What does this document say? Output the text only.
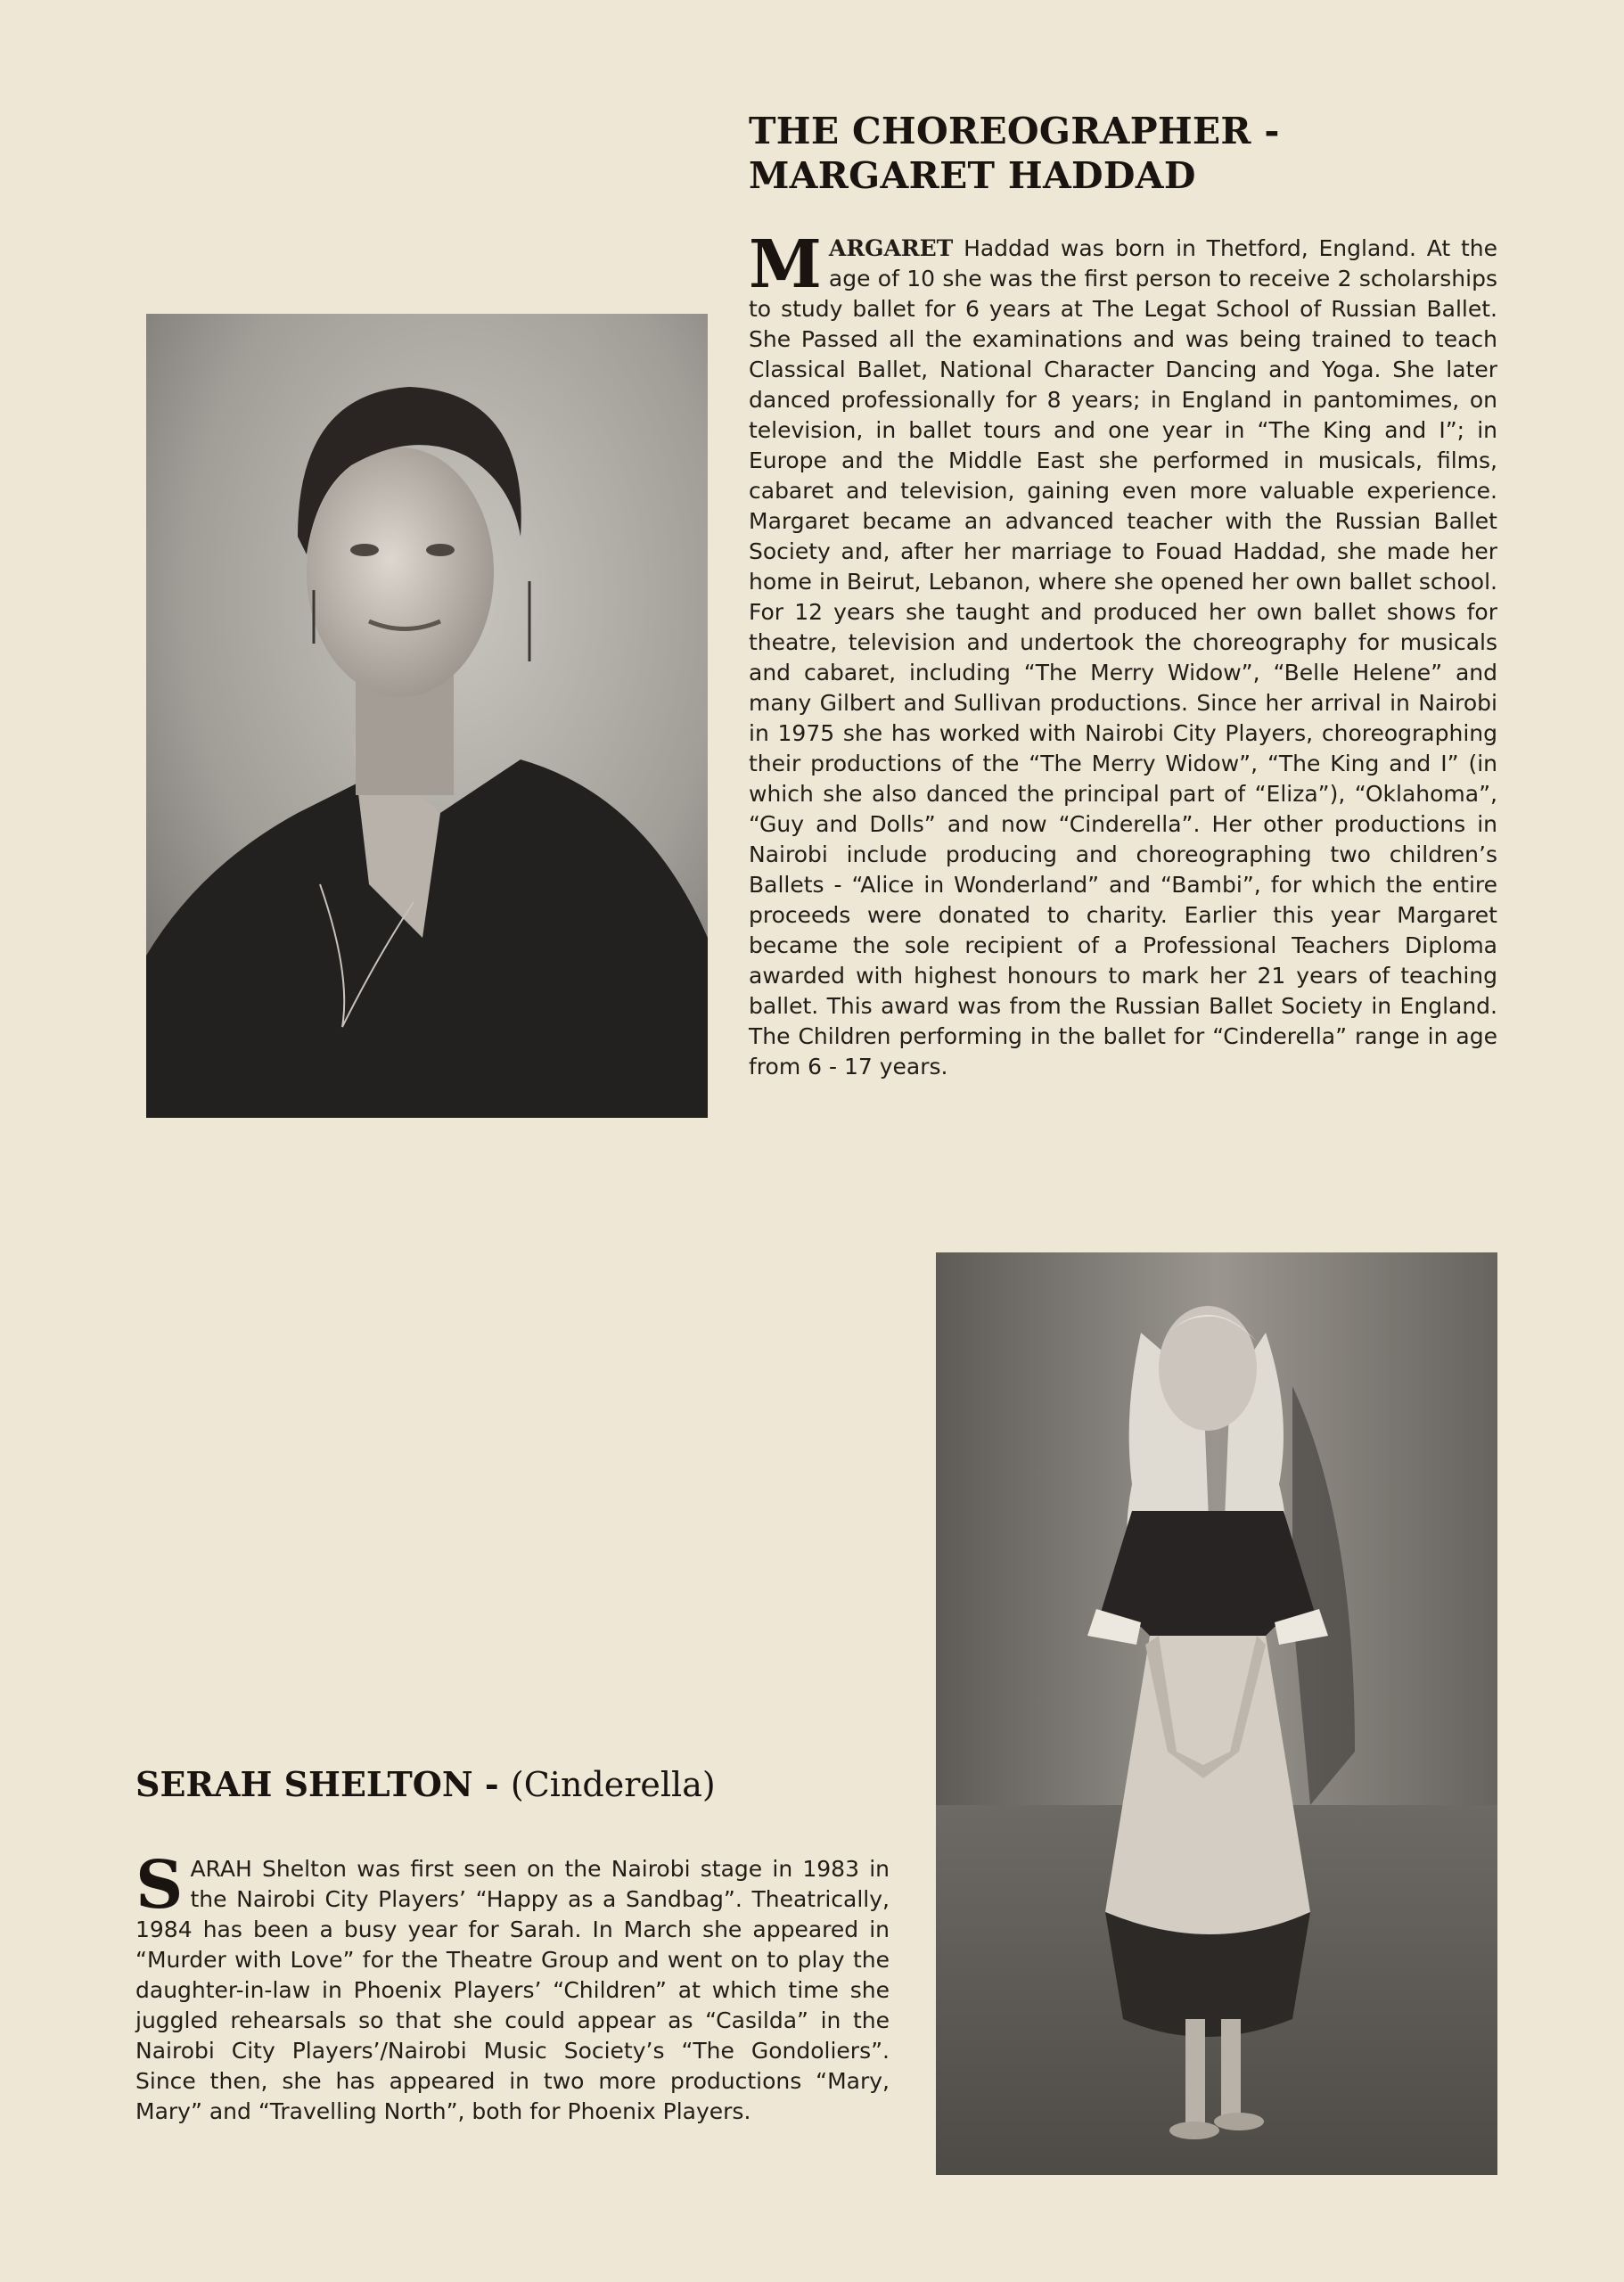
THE CHOREOGRAPHER -
MARGARET HADDAD

MARGARET Haddad was born in Thetford, England. At the age of 10 she was the first person to receive 2 scholarships to study ballet for 6 years at The Legat School of Russian Ballet. She Passed all the examinations and was being trained to teach Classical Ballet, National Character Dancing and Yoga. She later danced professionally for 8 years; in England in pantomimes, on television, in ballet tours and one year in “The King and I”; in Europe and the Middle East she performed in musicals, films, cabaret and television, gaining even more valuable experience. Margaret became an advanced teacher with the Russian Ballet Society and, after her marriage to Fouad Haddad, she made her home in Beirut, Lebanon, where she opened her own ballet school. For 12 years she taught and produced her own ballet shows for theatre, television and undertook the choreography for musicals and cabaret, including “The Merry Widow”, “Belle Helene” and many Gilbert and Sullivan productions. Since her arrival in Nairobi in 1975 she has worked with Nairobi City Players, choreographing their productions of the “The Merry Widow”, “The King and I” (in which she also danced the principal part of “Eliza”), “Oklahoma”, “Guy and Dolls” and now “Cinderella”. Her other productions in Nairobi include producing and choreographing two children’s Ballets - “Alice in Wonderland” and “Bambi”, for which the entire proceeds were donated to charity. Earlier this year Margaret became the sole recipient of a Professional Teachers Diploma awarded with highest honours to mark her 21 years of teaching ballet. This award was from the Russian Ballet Society in England. The Children performing in the ballet for “Cinderella” range in age from 6 - 17 years.

SERAH SHELTON - (Cinderella)

SARAH Shelton was first seen on the Nairobi stage in 1983 in the Nairobi City Players’ “Happy as a Sandbag”. Theatrically, 1984 has been a busy year for Sarah. In March she appeared in “Murder with Love” for the Theatre Group and went on to play the daughter-in-law in Phoenix Players’ “Children” at which time she juggled rehearsals so that she could appear as “Casilda” in the Nairobi City Players’/Nairobi Music Society’s “The Gondoliers”. Since then, she has appeared in two more productions “Mary, Mary” and “Travelling North”, both for Phoenix Players.
